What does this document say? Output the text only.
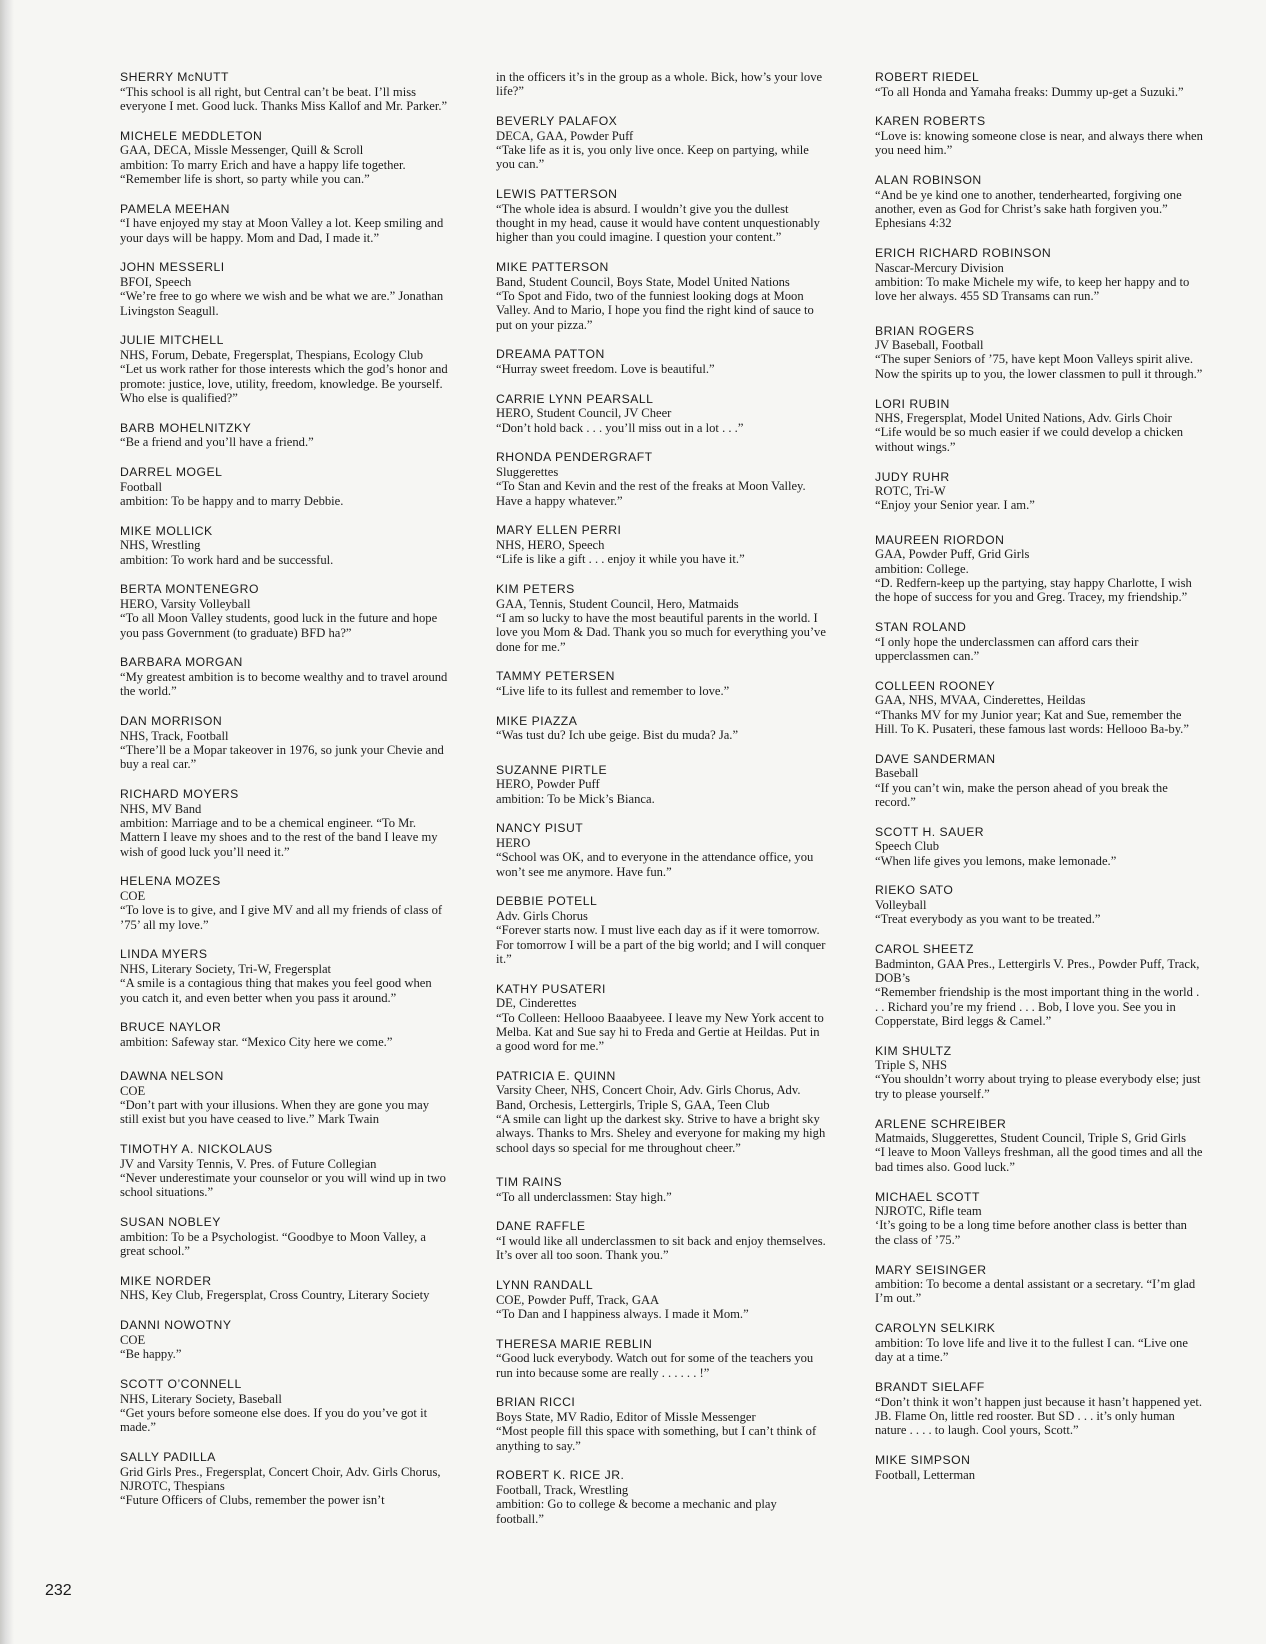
SHERRY McNUTT
“This school is all right, but Central can’t be beat. I’ll miss everyone I met. Good luck. Thanks Miss Kallof and Mr. Parker.”
MICHELE MEDDLETON
GAA, DECA, Missle Messenger, Quill & Scroll
ambition: To marry Erich and have a happy life together. “Remember life is short, so party while you can.”
PAMELA MEEHAN
“I have enjoyed my stay at Moon Valley a lot. Keep smiling and your days will be happy. Mom and Dad, I made it.”
JOHN MESSERLI
BFOI, Speech
“We’re free to go where we wish and be what we are.” Jonathan Livingston Seagull.
JULIE MITCHELL
NHS, Forum, Debate, Fregersplat, Thespians, Ecology Club
“Let us work rather for those interests which the god’s honor and promote: justice, love, utility, freedom, knowledge. Be yourself. Who else is qualified?”
BARB MOHELNITZKY
“Be a friend and you’ll have a friend.”
DARREL MOGEL
Football
ambition: To be happy and to marry Debbie.
MIKE MOLLICK
NHS, Wrestling
ambition: To work hard and be successful.
BERTA MONTENEGRO
HERO, Varsity Volleyball
“To all Moon Valley students, good luck in the future and hope you pass Government (to graduate) BFD ha?”
BARBARA MORGAN
“My greatest ambition is to become wealthy and to travel around the world.”
DAN MORRISON
NHS, Track, Football
“There’ll be a Mopar takeover in 1976, so junk your Chevie and buy a real car.”
RICHARD MOYERS
NHS, MV Band
ambition: Marriage and to be a chemical engineer. “To Mr. Mattern I leave my shoes and to the rest of the band I leave my wish of good luck you’ll need it.”
HELENA MOZES
COE
“To love is to give, and I give MV and all my friends of class of ’75’ all my love.”
LINDA MYERS
NHS, Literary Society, Tri-W, Fregersplat
“A smile is a contagious thing that makes you feel good when you catch it, and even better when you pass it around.”
BRUCE NAYLOR
ambition: Safeway star. “Mexico City here we come.”
DAWNA NELSON
COE
“Don’t part with your illusions. When they are gone you may still exist but you have ceased to live.” Mark Twain
TIMOTHY A. NICKOLAUS
JV and Varsity Tennis, V. Pres. of Future Collegian
“Never underestimate your counselor or you will wind up in two school situations.”
SUSAN NOBLEY
ambition: To be a Psychologist. “Goodbye to Moon Valley, a great school.”
MIKE NORDER
NHS, Key Club, Fregersplat, Cross Country, Literary Society
DANNI NOWOTNY
COE
“Be happy.”
SCOTT O’CONNELL
NHS, Literary Society, Baseball
“Get yours before someone else does. If you do you’ve got it made.”
SALLY PADILLA
Grid Girls Pres., Fregersplat, Concert Choir, Adv. Girls Chorus, NJROTC, Thespians
“Future Officers of Clubs, remember the power isn’t
in the officers it’s in the group as a whole. Bick, how’s your love life?”
BEVERLY PALAFOX
DECA, GAA, Powder Puff
“Take life as it is, you only live once. Keep on partying, while you can.”
LEWIS PATTERSON
“The whole idea is absurd. I wouldn’t give you the dullest thought in my head, cause it would have content unquestionably higher than you could imagine. I question your content.”
MIKE PATTERSON
Band, Student Council, Boys State, Model United Nations
“To Spot and Fido, two of the funniest looking dogs at Moon Valley. And to Mario, I hope you find the right kind of sauce to put on your pizza.”
DREAMA PATTON
“Hurray sweet freedom. Love is beautiful.”
CARRIE LYNN PEARSALL
HERO, Student Council, JV Cheer
“Don’t hold back . . . you’ll miss out in a lot . . .”
RHONDA PENDERGRAFT
Sluggerettes
“To Stan and Kevin and the rest of the freaks at Moon Valley. Have a happy whatever.”
MARY ELLEN PERRI
NHS, HERO, Speech
“Life is like a gift . . . enjoy it while you have it.”
KIM PETERS
GAA, Tennis, Student Council, Hero, Matmaids
“I am so lucky to have the most beautiful parents in the world. I love you Mom & Dad. Thank you so much for everything you’ve done for me.”
TAMMY PETERSEN
“Live life to its fullest and remember to love.”
MIKE PIAZZA
“Was tust du? Ich ube geige. Bist du muda? Ja.”
SUZANNE PIRTLE
HERO, Powder Puff
ambition: To be Mick’s Bianca.
NANCY PISUT
HERO
“School was OK, and to everyone in the attendance office, you won’t see me anymore. Have fun.”
DEBBIE POTELL
Adv. Girls Chorus
“Forever starts now. I must live each day as if it were tomorrow. For tomorrow I will be a part of the big world; and I will conquer it.”
KATHY PUSATERI
DE, Cinderettes
“To Colleen: Hellooo Baaabyeee. I leave my New York accent to Melba. Kat and Sue say hi to Freda and Gertie at Heildas. Put in a good word for me.”
PATRICIA E. QUINN
Varsity Cheer, NHS, Concert Choir, Adv. Girls Chorus, Adv. Band, Orchesis, Lettergirls, Triple S, GAA, Teen Club
“A smile can light up the darkest sky. Strive to have a bright sky always. Thanks to Mrs. Sheley and everyone for making my high school days so special for me throughout cheer.”
TIM RAINS
“To all underclassmen: Stay high.”
DANE RAFFLE
“I would like all underclassmen to sit back and enjoy themselves. It’s over all too soon. Thank you.”
LYNN RANDALL
COE, Powder Puff, Track, GAA
“To Dan and I happiness always. I made it Mom.”
THERESA MARIE REBLIN
“Good luck everybody. Watch out for some of the teachers you run into because some are really . . . . . . !”
BRIAN RICCI
Boys State, MV Radio, Editor of Missle Messenger
“Most people fill this space with something, but I can’t think of anything to say.”
ROBERT K. RICE JR.
Football, Track, Wrestling
ambition: Go to college & become a mechanic and play football.”
ROBERT RIEDEL
“To all Honda and Yamaha freaks: Dummy up-get a Suzuki.”
KAREN ROBERTS
“Love is: knowing someone close is near, and always there when you need him.”
ALAN ROBINSON
“And be ye kind one to another, tenderhearted, forgiving one another, even as God for Christ’s sake hath forgiven you.” Ephesians 4:32
ERICH RICHARD ROBINSON
Nascar-Mercury Division
ambition: To make Michele my wife, to keep her happy and to love her always. 455 SD Transams can run.”
BRIAN ROGERS
JV Baseball, Football
“The super Seniors of ’75, have kept Moon Valleys spirit alive. Now the spirits up to you, the lower classmen to pull it through.”
LORI RUBIN
NHS, Fregersplat, Model United Nations, Adv. Girls Choir
“Life would be so much easier if we could develop a chicken without wings.”
JUDY RUHR
ROTC, Tri-W
“Enjoy your Senior year. I am.”
MAUREEN RIORDON
GAA, Powder Puff, Grid Girls
ambition: College.
“D. Redfern-keep up the partying, stay happy Charlotte, I wish the hope of success for you and Greg. Tracey, my friendship.”
STAN ROLAND
“I only hope the underclassmen can afford cars their upperclassmen can.”
COLLEEN ROONEY
GAA, NHS, MVAA, Cinderettes, Heildas
“Thanks MV for my Junior year; Kat and Sue, remember the Hill. To K. Pusateri, these famous last words: Hellooo Ba-by.”
DAVE SANDERMAN
Baseball
“If you can’t win, make the person ahead of you break the record.”
SCOTT H. SAUER
Speech Club
“When life gives you lemons, make lemonade.”
RIEKO SATO
Volleyball
“Treat everybody as you want to be treated.”
CAROL SHEETZ
Badminton, GAA Pres., Lettergirls V. Pres., Powder Puff, Track, DOB’s
“Remember friendship is the most important thing in the world . . . Richard you’re my friend . . . Bob, I love you. See you in Copperstate, Bird leggs & Camel.”
KIM SHULTZ
Triple S, NHS
“You shouldn’t worry about trying to please everybody else; just try to please yourself.”
ARLENE SCHREIBER
Matmaids, Sluggerettes, Student Council, Triple S, Grid Girls
“I leave to Moon Valleys freshman, all the good times and all the bad times also. Good luck.”
MICHAEL SCOTT
NJROTC, Rifle team
‘It’s going to be a long time before another class is better than the class of ’75.”
MARY SEISINGER
ambition: To become a dental assistant or a secretary. “I’m glad I’m out.”
CAROLYN SELKIRK
ambition: To love life and live it to the fullest I can. “Live one day at a time.”
BRANDT SIELAFF
“Don’t think it won’t happen just because it hasn’t happened yet. JB. Flame On, little red rooster. But SD . . . it’s only human nature . . . . to laugh. Cool yours, Scott.”
MIKE SIMPSON
Football, Letterman
232
